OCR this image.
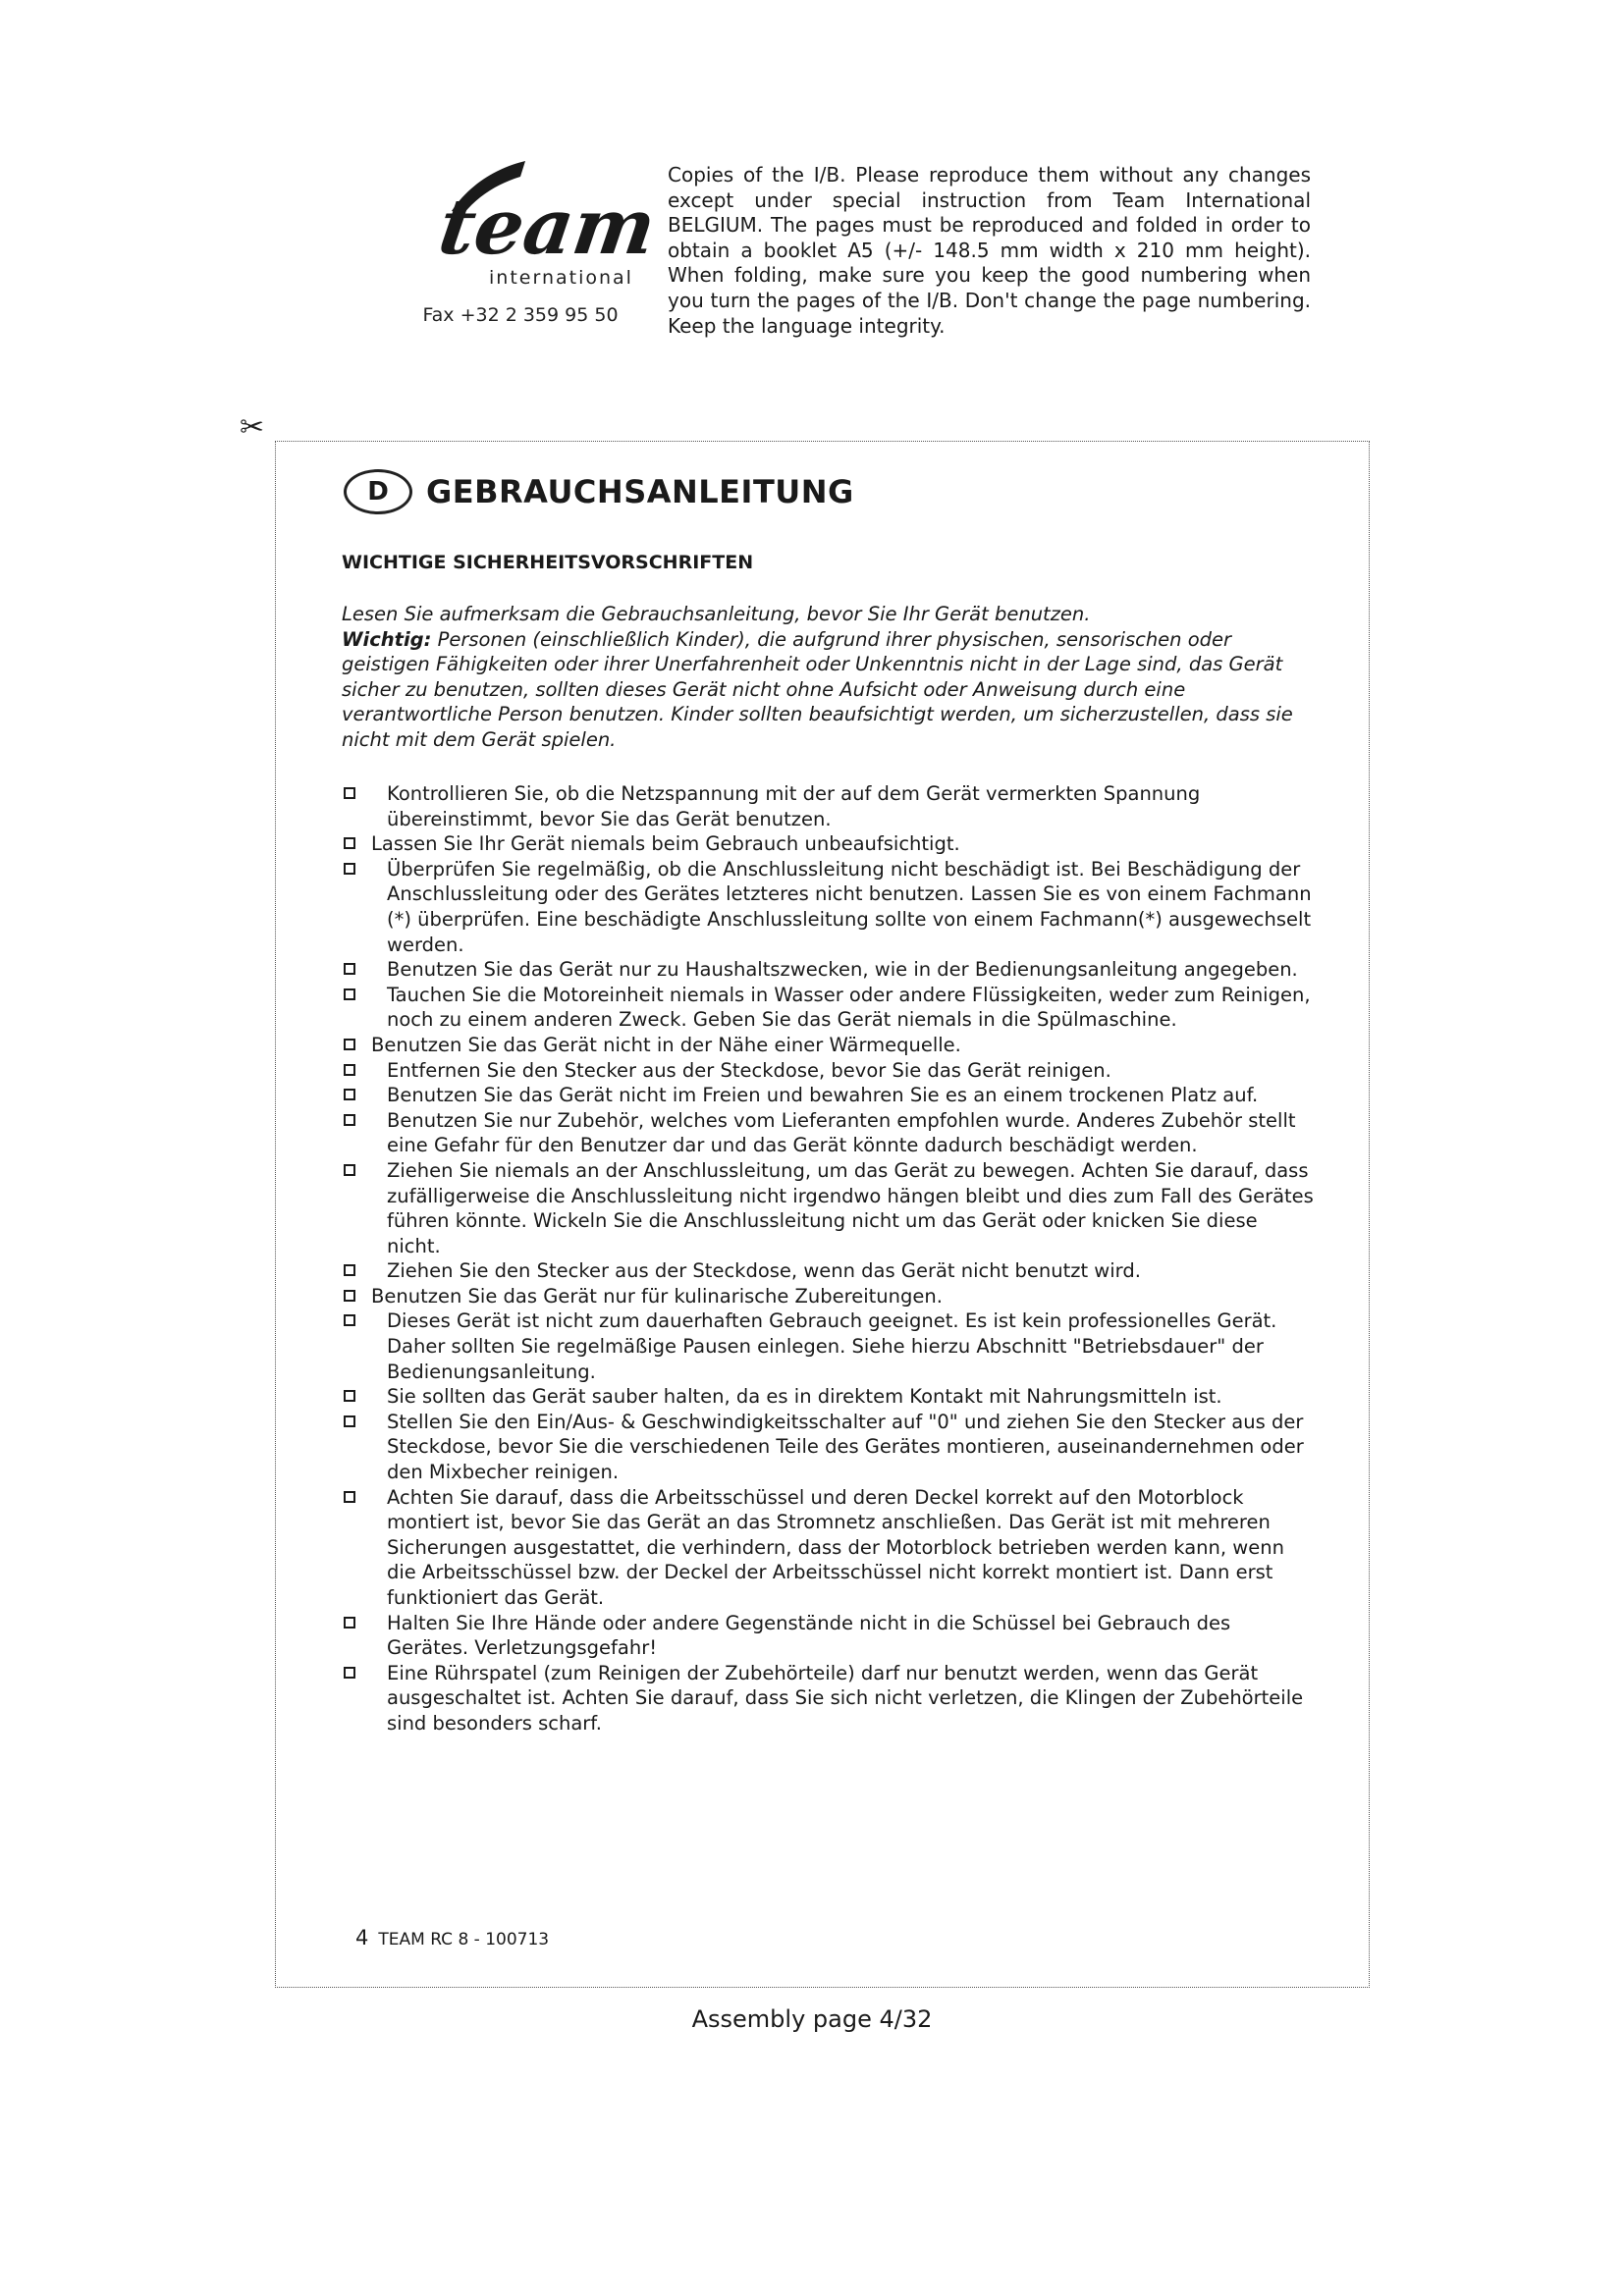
team
international
Fax +32 2 359 95 50
Copies of the I/B. Please reproduce them without any changes except under special instruction from Team International BELGIUM. The pages must be reproduced and folded in order to obtain a booklet A5 (+/- 148.5 mm width x 210 mm height). When folding, make sure you keep the good numbering when you turn the pages of the I/B. Don't change the page numbering. Keep the language integrity.
✂
D	GEBRAUCHSANLEITUNG
WICHTIGE SICHERHEITSVORSCHRIFTEN

Lesen Sie aufmerksam die Gebrauchsanleitung, bevor Sie Ihr Gerät benutzen.

Wichtig: Personen (einschließlich Kinder), die aufgrund ihrer physischen, sensorischen oder geistigen Fähigkeiten oder ihrer Unerfahrenheit oder Unkenntnis nicht in der Lage sind, das Gerät sicher zu benutzen, sollten dieses Gerät nicht ohne Aufsicht oder Anweisung durch eine verantwortliche Person benutzen. Kinder sollten beaufsichtigt werden, um sicherzustellen, dass sie nicht mit dem Gerät spielen.

Kontrollieren Sie, ob die Netzspannung mit der auf dem Gerät vermerkten Spannung übereinstimmt, bevor Sie das Gerät benutzen.
Lassen Sie Ihr Gerät niemals beim Gebrauch unbeaufsichtigt.
Überprüfen Sie regelmäßig, ob die Anschlussleitung nicht beschädigt ist. Bei Beschädigung der Anschlussleitung oder des Gerätes letzteres nicht benutzen. Lassen Sie es von einem Fachmann (*) überprüfen. Eine beschädigte Anschlussleitung sollte von einem Fachmann(*) ausgewechselt werden.
Benutzen Sie das Gerät nur zu Haushaltszwecken, wie in der Bedienungsanleitung angegeben.
Tauchen Sie die Motoreinheit niemals in Wasser oder andere Flüssigkeiten, weder zum Reinigen, noch zu einem anderen Zweck. Geben Sie das Gerät niemals in die Spülmaschine.
Benutzen Sie das Gerät nicht in der Nähe einer Wärmequelle.
Entfernen Sie den Stecker aus der Steckdose, bevor Sie das Gerät reinigen.
Benutzen Sie das Gerät nicht im Freien und bewahren Sie es an einem trockenen Platz auf.
Benutzen Sie nur Zubehör, welches vom Lieferanten empfohlen wurde. Anderes Zubehör stellt eine Gefahr für den Benutzer dar und das Gerät könnte dadurch beschädigt werden.
Ziehen Sie niemals an der Anschlussleitung, um das Gerät zu bewegen. Achten Sie darauf, dass zufälligerweise die Anschlussleitung nicht irgendwo hängen bleibt und dies zum Fall des Gerätes führen könnte. Wickeln Sie die Anschlussleitung nicht um das Gerät oder knicken Sie diese nicht.
Ziehen Sie den Stecker aus der Steckdose, wenn das Gerät nicht benutzt wird.
Benutzen Sie das Gerät nur für kulinarische Zubereitungen.
Dieses Gerät ist nicht zum dauerhaften Gebrauch geeignet. Es ist kein professionelles Gerät. Daher sollten Sie regelmäßige Pausen einlegen. Siehe hierzu Abschnitt "Betriebsdauer" der Bedienungsanleitung.
Sie sollten das Gerät sauber halten, da es in direktem Kontakt mit Nahrungsmitteln ist.
Stellen Sie den Ein/Aus- & Geschwindigkeitsschalter auf "0" und ziehen Sie den Stecker aus der Steckdose, bevor Sie die verschiedenen Teile des Gerätes montieren, auseinandernehmen oder den Mixbecher reinigen.
Achten Sie darauf, dass die Arbeitsschüssel und deren Deckel korrekt auf den Motorblock montiert ist, bevor Sie das Gerät an das Stromnetz anschließen. Das Gerät ist mit mehreren Sicherungen ausgestattet, die verhindern, dass der Motorblock betrieben werden kann, wenn die Arbeitsschüssel bzw. der Deckel der Arbeitsschüssel nicht korrekt montiert ist. Dann erst funktioniert das Gerät.
Halten Sie Ihre Hände oder andere Gegenstände nicht in die Schüssel bei Gebrauch des Gerätes. Verletzungsgefahr!
Eine Rührspatel (zum Reinigen der Zubehörteile) darf nur benutzt werden, wenn das Gerät ausgeschaltet ist. Achten Sie darauf, dass Sie sich nicht verletzen, die Klingen der Zubehörteile sind besonders scharf.
4 TEAM RC 8 - 100713
Assembly page 4/32
